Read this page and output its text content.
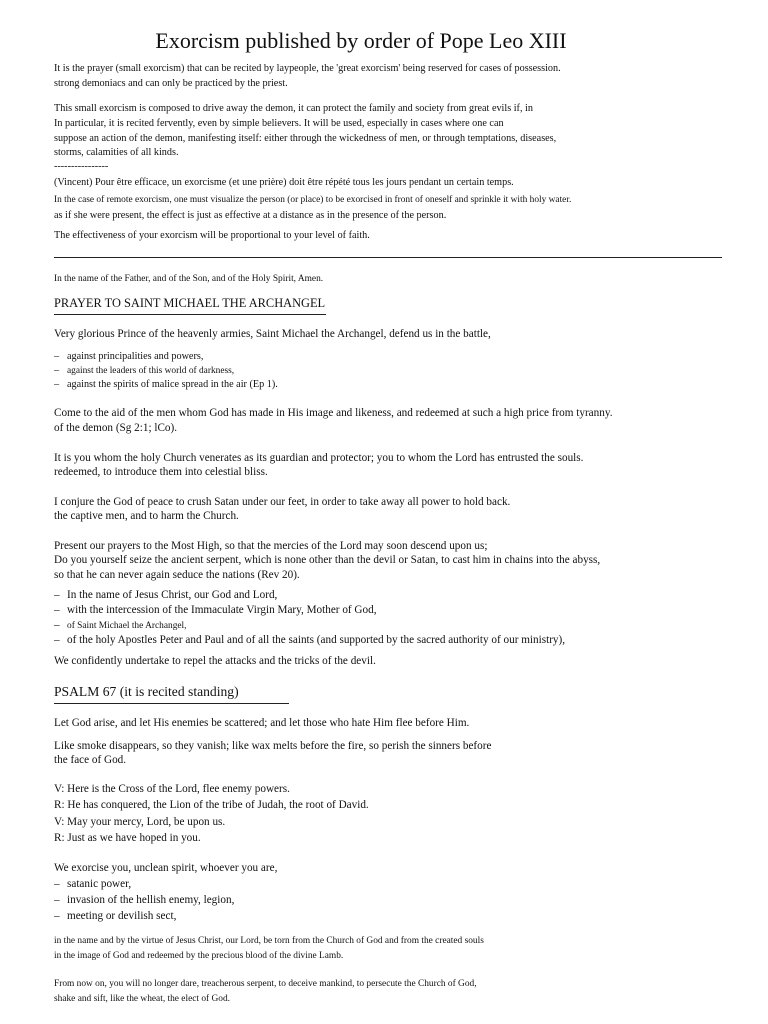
Exorcism published by order of Pope Leo XIII
It is the prayer (small exorcism) that can be recited by laypeople, the 'great exorcism' being reserved for cases of possession.
strong demoniacs and can only be practiced by the priest.
This small exorcism is composed to drive away the demon, it can protect the family and society from great evils if, in
In particular, it is recited fervently, even by simple believers. It will be used, especially in cases where one can
suppose an action of the demon, manifesting itself: either through the wickedness of men, or through temptations, diseases,
storms, calamities of all kinds.
----------------
(Vincent) Pour être efficace, un exorcisme (et une prière) doit être répété tous les jours pendant un certain temps.
In the case of remote exorcism, one must visualize the person (or place) to be exorcised in front of oneself and sprinkle it with holy water.
as if she were present, the effect is just as effective at a distance as in the presence of the person.
The effectiveness of your exorcism will be proportional to your level of faith.
In the name of the Father, and of the Son, and of the Holy Spirit, Amen.
PRAYER TO SAINT MICHAEL THE ARCHANGEL
Very glorious Prince of the heavenly armies, Saint Michael the Archangel, defend us in the battle,
– against principalities and powers,
– against the leaders of this world of darkness,
– against the spirits of malice spread in the air (Ep 1).
Come to the aid of the men whom God has made in His image and likeness, and redeemed at such a high price from tyranny.
of the demon (Sg 2:1; lCo).
It is you whom the holy Church venerates as its guardian and protector; you to whom the Lord has entrusted the souls.
redeemed, to introduce them into celestial bliss.
I conjure the God of peace to crush Satan under our feet, in order to take away all power to hold back.
the captive men, and to harm the Church.
Present our prayers to the Most High, so that the mercies of the Lord may soon descend upon us;
Do you yourself seize the ancient serpent, which is none other than the devil or Satan, to cast him in chains into the abyss,
so that he can never again seduce the nations (Rev 20).
– In the name of Jesus Christ, our God and Lord,
– with the intercession of the Immaculate Virgin Mary, Mother of God,
– of Saint Michael the Archangel,
– of the holy Apostles Peter and Paul and of all the saints (and supported by the sacred authority of our ministry),
We confidently undertake to repel the attacks and the tricks of the devil.
PSALM 67 (it is recited standing)
Let God arise, and let His enemies be scattered; and let those who hate Him flee before Him.
Like smoke disappears, so they vanish; like wax melts before the fire, so perish the sinners before
the face of God.
V: Here is the Cross of the Lord, flee enemy powers.
R: He has conquered, the Lion of the tribe of Judah, the root of David.
V: May your mercy, Lord, be upon us.
R: Just as we have hoped in you.
We exorcise you, unclean spirit, whoever you are,
– satanic power,
– invasion of the hellish enemy, legion,
– meeting or devilish sect,
in the name and by the virtue of Jesus Christ, our Lord, be torn from the Church of God and from the created souls
in the image of God and redeemed by the precious blood of the divine Lamb.
From now on, you will no longer dare, treacherous serpent, to deceive mankind, to persecute the Church of God,
shake and sift, like the wheat, the elect of God.
